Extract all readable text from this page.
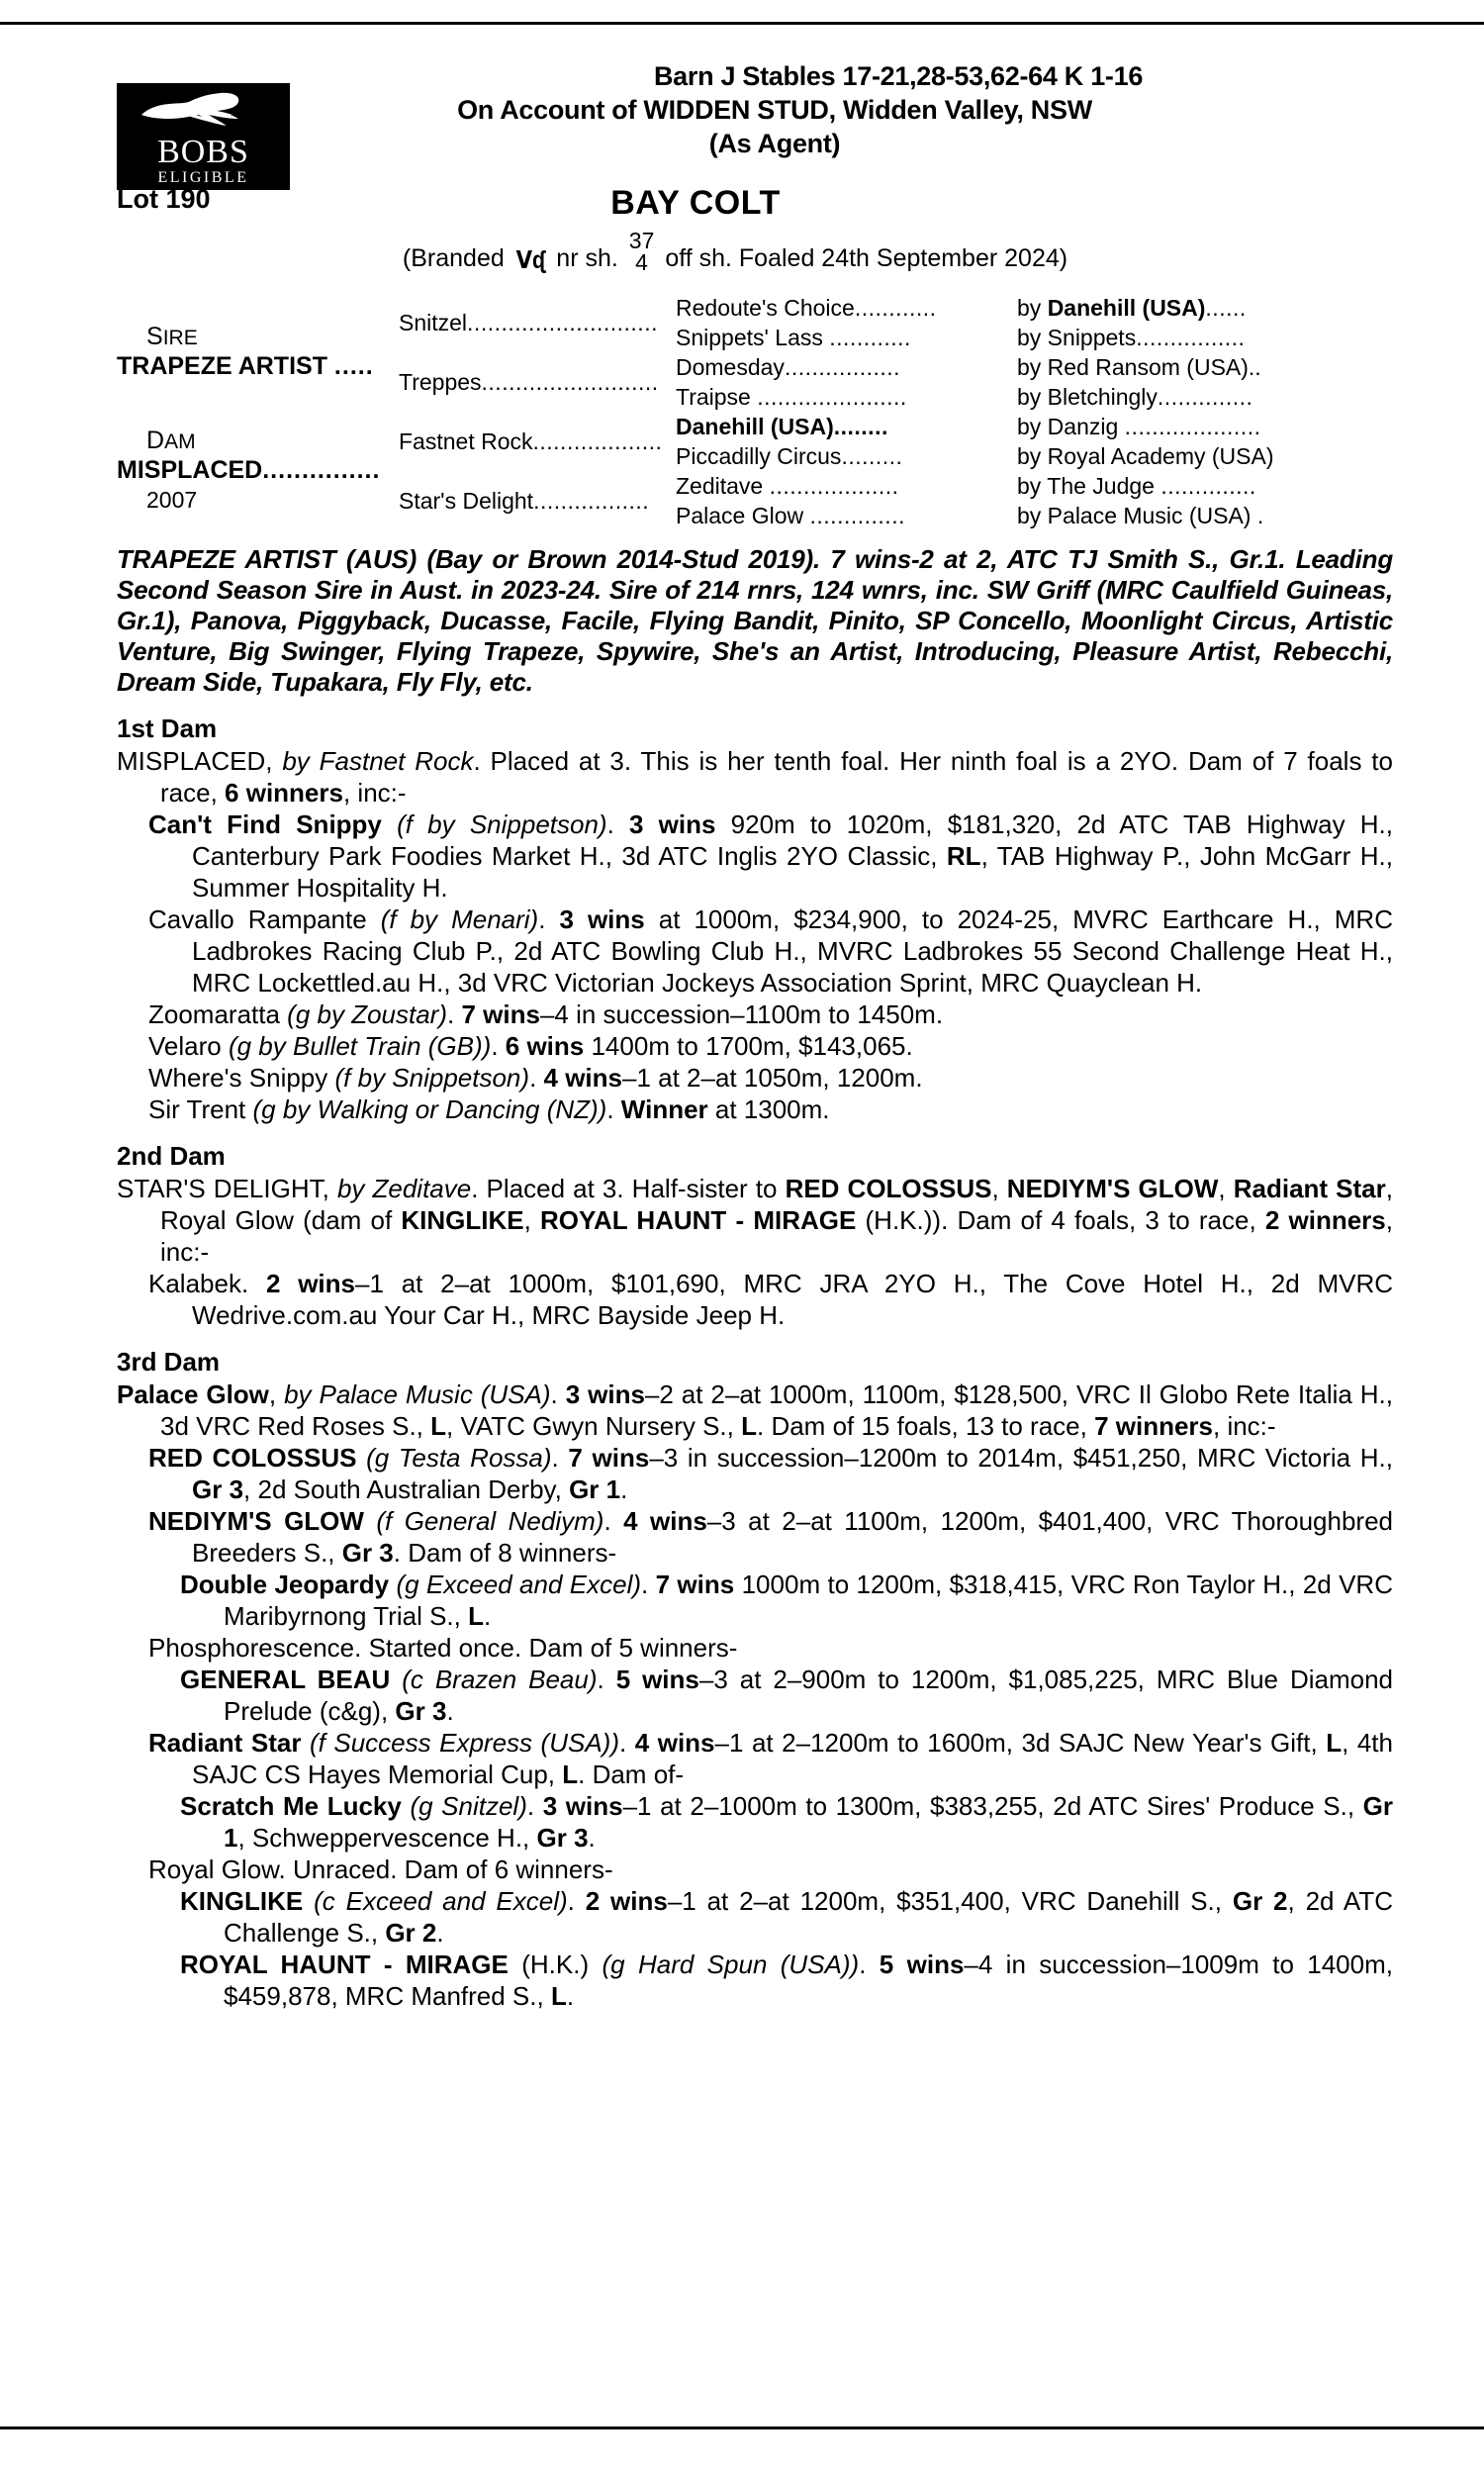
BOBS
ELIGIBLE
Barn J Stables 17-21,28-53,62-64 K 1-16
On Account of WIDDEN STUD, Widden Valley, NSW
(As Agent)
Lot 190	BAY COLT
(Branded Vᶑ nr sh.
37
4 off sh. Foaled 24th September 2024)
SIRE
TRAPEZE ARTIST .....
DAM
MISPLACED...............
2007
Snitzel ............................
Treppes ..........................
Fastnet Rock ...................
Star's Delight .................
Redoute's Choice............
Snippets' Lass ............
Domesday.................
Traipse ......................
Danehill (USA)........
Piccadilly Circus.........
Zeditave ...................
Palace Glow ..............
by Danehill (USA)......
by Snippets................
by Red Ransom (USA)..
by Bletchingly..............
by Danzig ....................
by Royal Academy (USA)
by The Judge ..............
by Palace Music (USA) .
TRAPEZE ARTIST (AUS) (Bay or Brown 2014-Stud 2019). 7 wins-2 at 2, ATC TJ Smith S., Gr.1. Leading Second Season Sire in Aust. in 2023-24. Sire of 214 rnrs, 124 wnrs, inc. SW Griff (MRC Caulfield Guineas, Gr.1), Panova, Piggyback, Ducasse, Facile, Flying Bandit, Pinito, SP Concello, Moonlight Circus, Artistic Venture, Big Swinger, Flying Trapeze, Spywire, She's an Artist, Introducing, Pleasure Artist, Rebecchi, Dream Side, Tupakara, Fly Fly, etc.
1st Dam

MISPLACED, by Fastnet Rock. Placed at 3. This is her tenth foal. Her ninth foal is a 2YO. Dam of 7 foals to race, 6 winners, inc:-

Can't Find Snippy (f by Snippetson). 3 wins 920m to 1020m, $181,320, 2d ATC TAB Highway H., Canterbury Park Foodies Market H., 3d ATC Inglis 2YO Classic, RL, TAB Highway P., John McGarr H., Summer Hospitality H.

Cavallo Rampante (f by Menari). 3 wins at 1000m, $234,900, to 2024-25, MVRC Earthcare H., MRC Ladbrokes Racing Club P., 2d ATC Bowling Club H., MVRC Ladbrokes 55 Second Challenge Heat H., MRC Lockettled.au H., 3d VRC Victorian Jockeys Association Sprint, MRC Quayclean H.

Zoomaratta (g by Zoustar). 7 wins–4 in succession–1100m to 1450m.

Velaro (g by Bullet Train (GB)). 6 wins 1400m to 1700m, $143,065.

Where's Snippy (f by Snippetson). 4 wins–1 at 2–at 1050m, 1200m.

Sir Trent (g by Walking or Dancing (NZ)). Winner at 1300m.

2nd Dam

STAR'S DELIGHT, by Zeditave. Placed at 3. Half-sister to RED COLOSSUS, NEDIYM'S GLOW, Radiant Star, Royal Glow (dam of KINGLIKE, ROYAL HAUNT - MIRAGE (H.K.)). Dam of 4 foals, 3 to race, 2 winners, inc:-

Kalabek. 2 wins–1 at 2–at 1000m, $101,690, MRC JRA 2YO H., The Cove Hotel H., 2d MVRC Wedrive.com.au Your Car H., MRC Bayside Jeep H.

3rd Dam

Palace Glow, by Palace Music (USA). 3 wins–2 at 2–at 1000m, 1100m, $128,500, VRC Il Globo Rete Italia H., 3d VRC Red Roses S., L, VATC Gwyn Nursery S., L. Dam of 15 foals, 13 to race, 7 winners, inc:-

RED COLOSSUS (g Testa Rossa). 7 wins–3 in succession–1200m to 2014m, $451,250, MRC Victoria H., Gr 3, 2d South Australian Derby, Gr 1.

NEDIYM'S GLOW (f General Nediym). 4 wins–3 at 2–at 1100m, 1200m, $401,400, VRC Thoroughbred Breeders S., Gr 3. Dam of 8 winners-

Double Jeopardy (g Exceed and Excel). 7 wins 1000m to 1200m, $318,415, VRC Ron Taylor H., 2d VRC Maribyrnong Trial S., L.

Phosphorescence. Started once. Dam of 5 winners-

GENERAL BEAU (c Brazen Beau). 5 wins–3 at 2–900m to 1200m, $1,085,225, MRC Blue Diamond Prelude (c&g), Gr 3.

Radiant Star (f Success Express (USA)). 4 wins–1 at 2–1200m to 1600m, 3d SAJC New Year's Gift, L, 4th SAJC CS Hayes Memorial Cup, L. Dam of-

Scratch Me Lucky (g Snitzel). 3 wins–1 at 2–1000m to 1300m, $383,255, 2d ATC Sires' Produce S., Gr 1, Schweppervescence H., Gr 3.

Royal Glow. Unraced. Dam of 6 winners-

KINGLIKE (c Exceed and Excel). 2 wins–1 at 2–at 1200m, $351,400, VRC Danehill S., Gr 2, 2d ATC Challenge S., Gr 2.

ROYAL HAUNT - MIRAGE (H.K.) (g Hard Spun (USA)). 5 wins–4 in succession–1009m to 1400m, $459,878, MRC Manfred S., L.
